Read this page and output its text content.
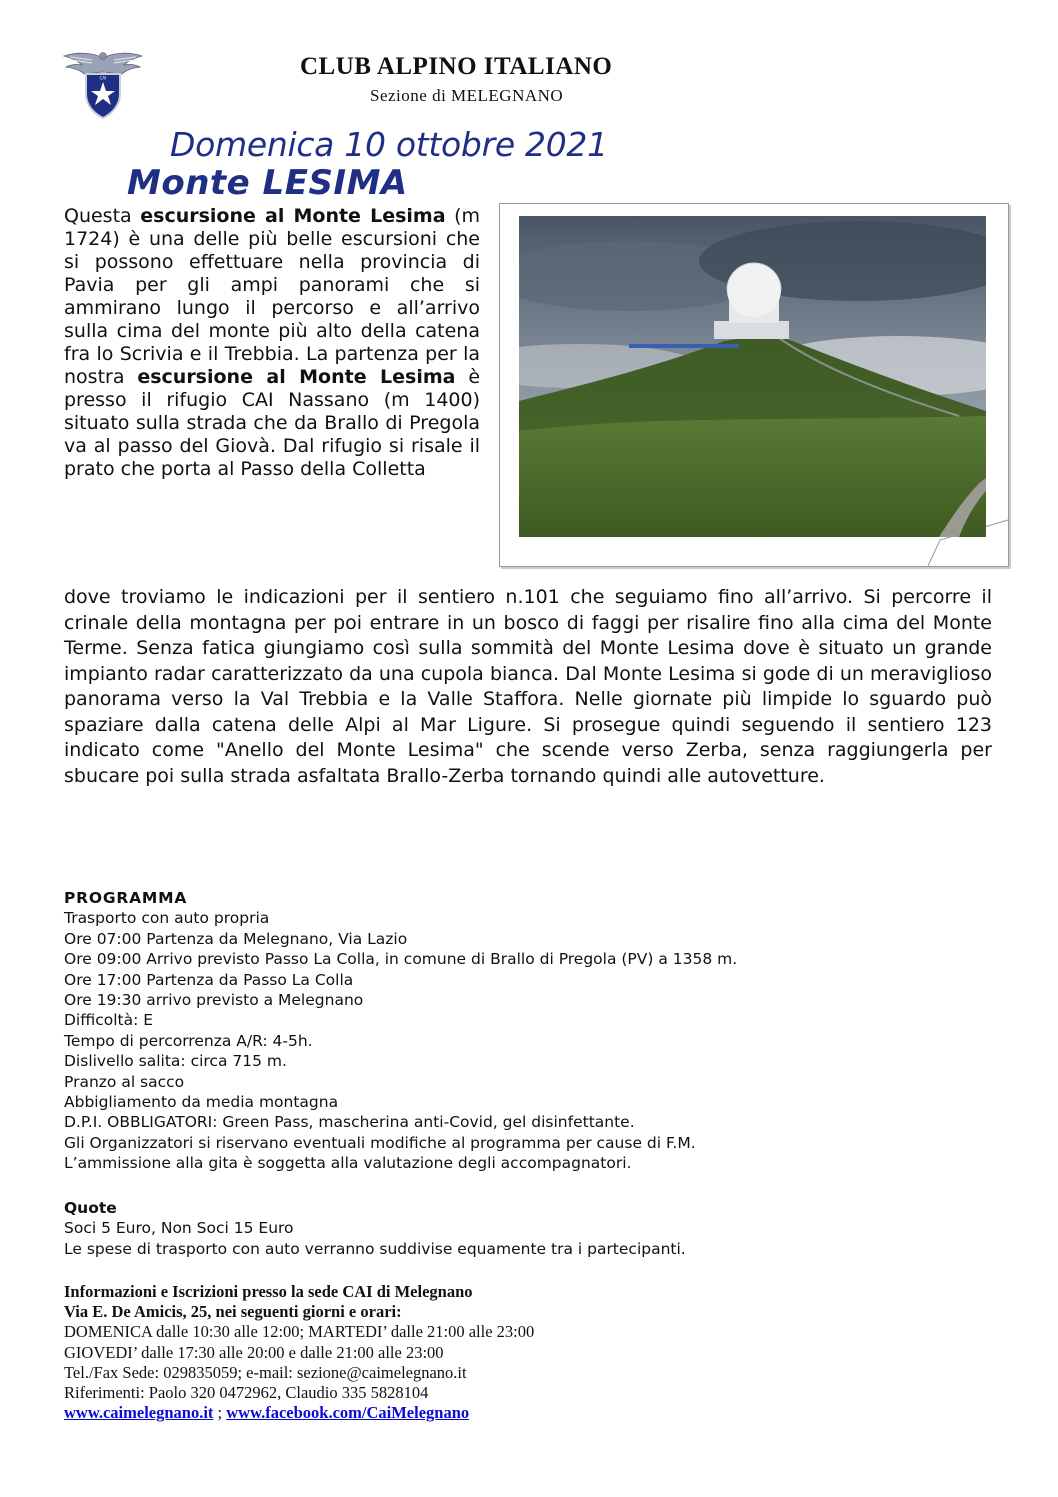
CAI	CLUB ALPINO ITALIANO
Sezione di MELEGNANO
Domenica 10 ottobre 2021
Monte LESIMA

Questa escursione al Monte Lesima (m 1724) è una delle più belle escursioni che si possono effettuare nella provincia di Pavia per gli ampi panorami che si ammirano lungo il percorso e all’arrivo sulla cima del monte più alto della catena fra lo Scrivia e il Trebbia. La partenza per la nostra escursione al Monte Lesima è presso il rifugio CAI Nassano (m 1400) situato sulla strada che da Brallo di Pregola va al passo del Giovà. Dal rifugio si risale il prato che porta al Passo della Colletta

dove troviamo le indicazioni per il sentiero n.101 che seguiamo fino all’arrivo. Si percorre il crinale della montagna per poi entrare in un bosco di faggi per risalire fino alla cima del Monte Terme. Senza fatica giungiamo così sulla sommità del Monte Lesima dove è situato un grande impianto radar caratterizzato da una cupola bianca. Dal Monte Lesima si gode di un meraviglioso panorama verso la Val Trebbia e la Valle Staffora. Nelle giornate più limpide lo sguardo può spaziare dalla catena delle Alpi al Mar Ligure. Si prosegue quindi seguendo il sentiero 123 indicato come "Anello del Monte Lesima" che scende verso Zerba, senza raggiungerla per sbucare poi sulla strada asfaltata Brallo-Zerba tornando quindi alle autovetture.

PROGRAMMA
Trasporto con auto propria
Ore 07:00 Partenza da Melegnano, Via Lazio
Ore 09:00 Arrivo previsto Passo La Colla, in comune di Brallo di Pregola (PV) a 1358 m.
Ore 17:00 Partenza da Passo La Colla
Ore 19:30 arrivo previsto a Melegnano
Difficoltà: E
Tempo di percorrenza A/R: 4-5h.
Dislivello salita: circa 715 m.
Pranzo al sacco
Abbigliamento da media montagna
D.P.I. OBBLIGATORI: Green Pass, mascherina anti-Covid, gel disinfettante.
Gli Organizzatori si riservano eventuali modifiche al programma per cause di F.M.
L’ammissione alla gita è soggetta alla valutazione degli accompagnatori.
Quote
Soci 5 Euro, Non Soci 15 Euro
Le spese di trasporto con auto verranno suddivise equamente tra i partecipanti.
Informazioni e Iscrizioni presso la sede CAI di Melegnano
Via E. De Amicis, 25, nei seguenti giorni e orari:
DOMENICA dalle 10:30 alle 12:00; MARTEDI’ dalle 21:00 alle 23:00
GIOVEDI’ dalle 17:30 alle 20:00 e dalle 21:00 alle 23:00
Tel./Fax Sede: 029835059; e-mail: sezione@caimelegnano.it
Riferimenti: Paolo 320 0472962, Claudio 335 5828104
www.caimelegnano.it ; www.facebook.com/CaiMelegnano
